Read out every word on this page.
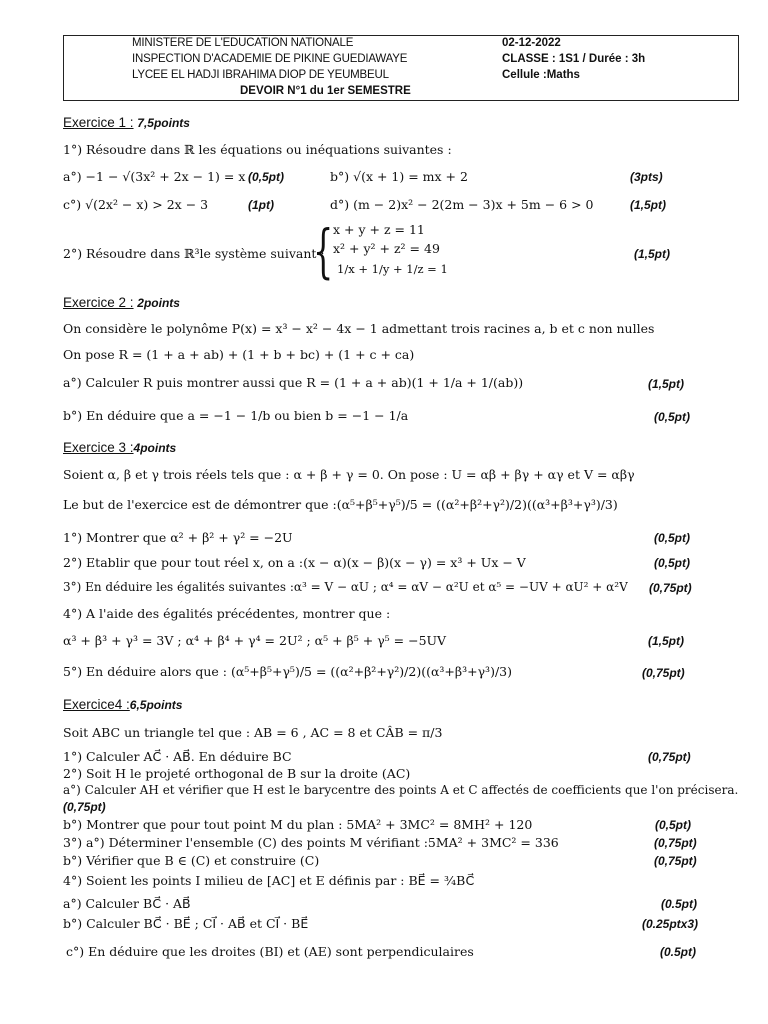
MINISTERE DE L'EDUCATION NATIONALE
INSPECTION D'ACADEMIE DE PIKINE GUEDIAWAYE
LYCEE EL HADJI IBRAHIMA DIOP DE YEUMBEUL
02-12-2022
CLASSE : 1S1 / Durée : 3h
Cellule :Maths
DEVOIR N°1 du 1er SEMESTRE
Exercice 1 : 7,5points
1°) Résoudre dans ℝ les équations ou inéquations suivantes :
a°) −1 − √(3x² + 2x − 1) = x (0,5pt)	b°) √(x + 1) = mx + 2	(3pts)
c°) √(2x² − x) > 2x − 3	(1pt)	d°) (m − 2)x² − 2(2m − 3)x + 5m − 6 > 0	(1,5pt)
2°) Résoudre dans ℝ³le système suivant :
{ x + y + z = 11
x² + y² + z² = 49
1/x + 1/y + 1/z = 1
(1,5pt)
Exercice 2 : 2points
On considère le polynôme P(x) = x³ − x² − 4x − 1 admettant trois racines a, b et c non nulles
On pose R = (1 + a + ab) + (1 + b + bc) + (1 + c + ca)
a°) Calculer R puis montrer aussi que R = (1 + a + ab)(1 + 1/a + 1/(ab))	(1,5pt)
b°) En déduire que a = −1 − 1/b ou bien b = −1 − 1/a	(0,5pt)
Exercice 3 :4points
Soient α, β et γ trois réels tels que : α + β + γ = 0. On pose : U = αβ + βγ + αγ et V = αβγ
Le but de l'exercice est de démontrer que :(α⁵+β⁵+γ⁵)/5 = ((α²+β²+γ²)/2)((α³+β³+γ³)/3)
1°) Montrer que α² + β² + γ² = −2U	(0,5pt)
2°) Etablir que pour tout réel x, on a :(x − α)(x − β)(x − γ) = x³ + Ux − V	(0,5pt)
3°) En déduire les égalités suivantes :α³ = V − αU ; α⁴ = αV − α²U et α⁵ = −UV + αU² + α²V (0,75pt)
4°) A l'aide des égalités précédentes, montrer que :
α³ + β³ + γ³ = 3V ; α⁴ + β⁴ + γ⁴ = 2U² ; α⁵ + β⁵ + γ⁵ = −5UV	(1,5pt)
5°) En déduire alors que : (α⁵+β⁵+γ⁵)/5 = ((α²+β²+γ²)/2)((α³+β³+γ³)/3)	(0,75pt)
Exercice4 :6,5points
Soit ABC un triangle tel que : AB = 6 , AC = 8 et CÂB = π/3
1°) Calculer AC⃗ · AB⃗. En déduire BC	(0,75pt)
2°) Soit H le projeté orthogonal de B sur la droite (AC)
a°) Calculer AH et vérifier que H est le barycentre des points A et C affectés de coefficients que l'on précisera.
(0,75pt)
b°) Montrer que pour tout point M du plan : 5MA² + 3MC² = 8MH² + 120	(0,5pt)
3°) a°) Déterminer l'ensemble (C) des points M vérifiant :5MA² + 3MC² = 336	(0,75pt)
b°) Vérifier que B ∈ (C) et construire (C)	(0,75pt)
4°) Soient les points I milieu de [AC] et E définis par : BE⃗ = ¾BC⃗
a°) Calculer BC⃗ · AB⃗	(0.5pt)
b°) Calculer BC⃗ · BE⃗ ; CI⃗ · AB⃗ et CI⃗ · BE⃗	(0.25ptx3)
c°) En déduire que les droites (BI) et (AE) sont perpendiculaires	(0.5pt)
